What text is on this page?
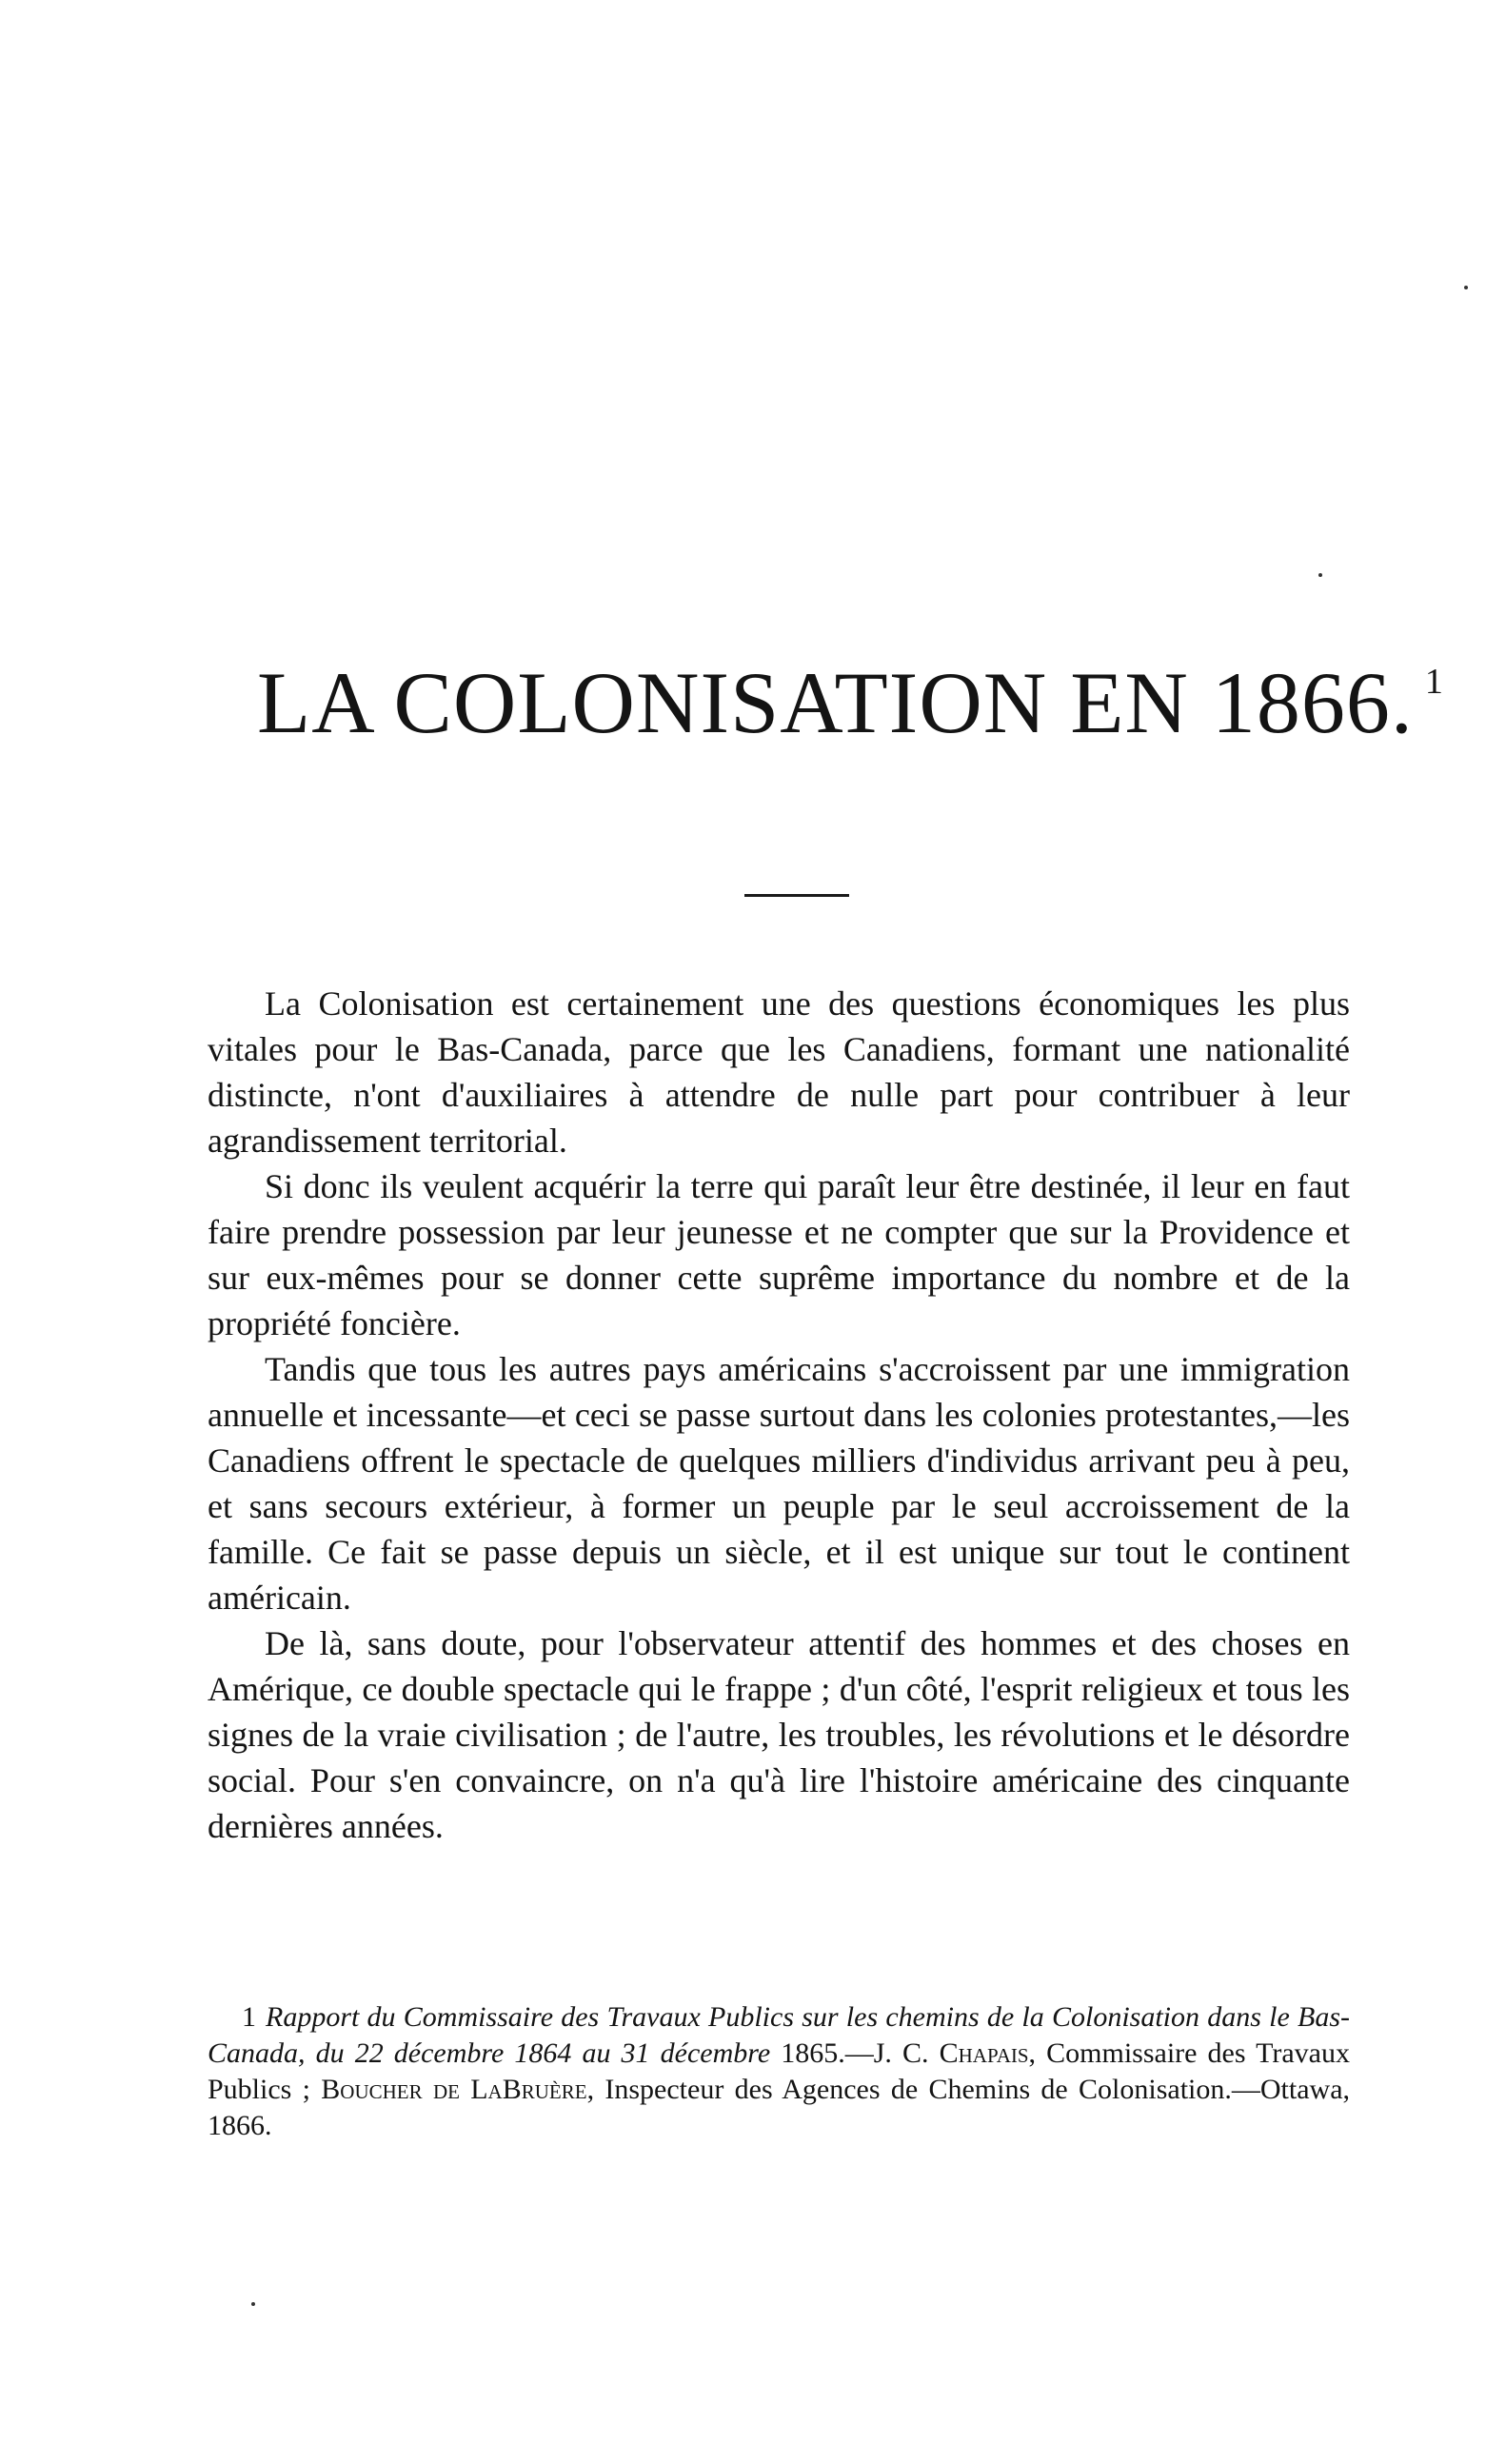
LA COLONISATION EN 1866. $^1$

La Colonisation est certainement une des questions économiques les plus vitales pour le Bas-Canada, parce que les Canadiens, formant une nationalité distincte, n'ont d'auxiliaires à attendre de nulle part pour contribuer à leur agrandissement territorial.

Si donc ils veulent acquérir la terre qui paraît leur être destinée, il leur en faut faire prendre possession par leur jeunesse et ne compter que sur la Providence et sur eux-mêmes pour se donner cette suprême importance du nombre et de la propriété foncière.

Tandis que tous les autres pays américains s'accroissent par une immigration annuelle et incessante—et ceci se passe surtout dans les colonies protestantes,—les Canadiens offrent le spectacle de quelques milliers d'individus arrivant peu à peu, et sans secours extérieur, à former un peuple par le seul accroissement de la famille. Ce fait se passe depuis un siècle, et il est unique sur tout le continent américain.

De là, sans doute, pour l'observateur attentif des hommes et des choses en Amérique, ce double spectacle qui le frappe ; d'un côté, l'esprit religieux et tous les signes de la vraie civilisation ; de l'autre, les troubles, les révolutions et le désordre social. Pour s'en convaincre, on n'a qu'à lire l'histoire américaine des cinquante dernières années.

1 Rapport du Commissaire des Travaux Publics sur les chemins de la Colonisation dans le Bas-Canada, du 22 décembre 1864 au 31 décembre 1865.—J. C. Chapais, Commissaire des Travaux Publics ; Boucher de LaBruère, Inspecteur des Agences de Chemins de Colonisation.—Ottawa, 1866.
